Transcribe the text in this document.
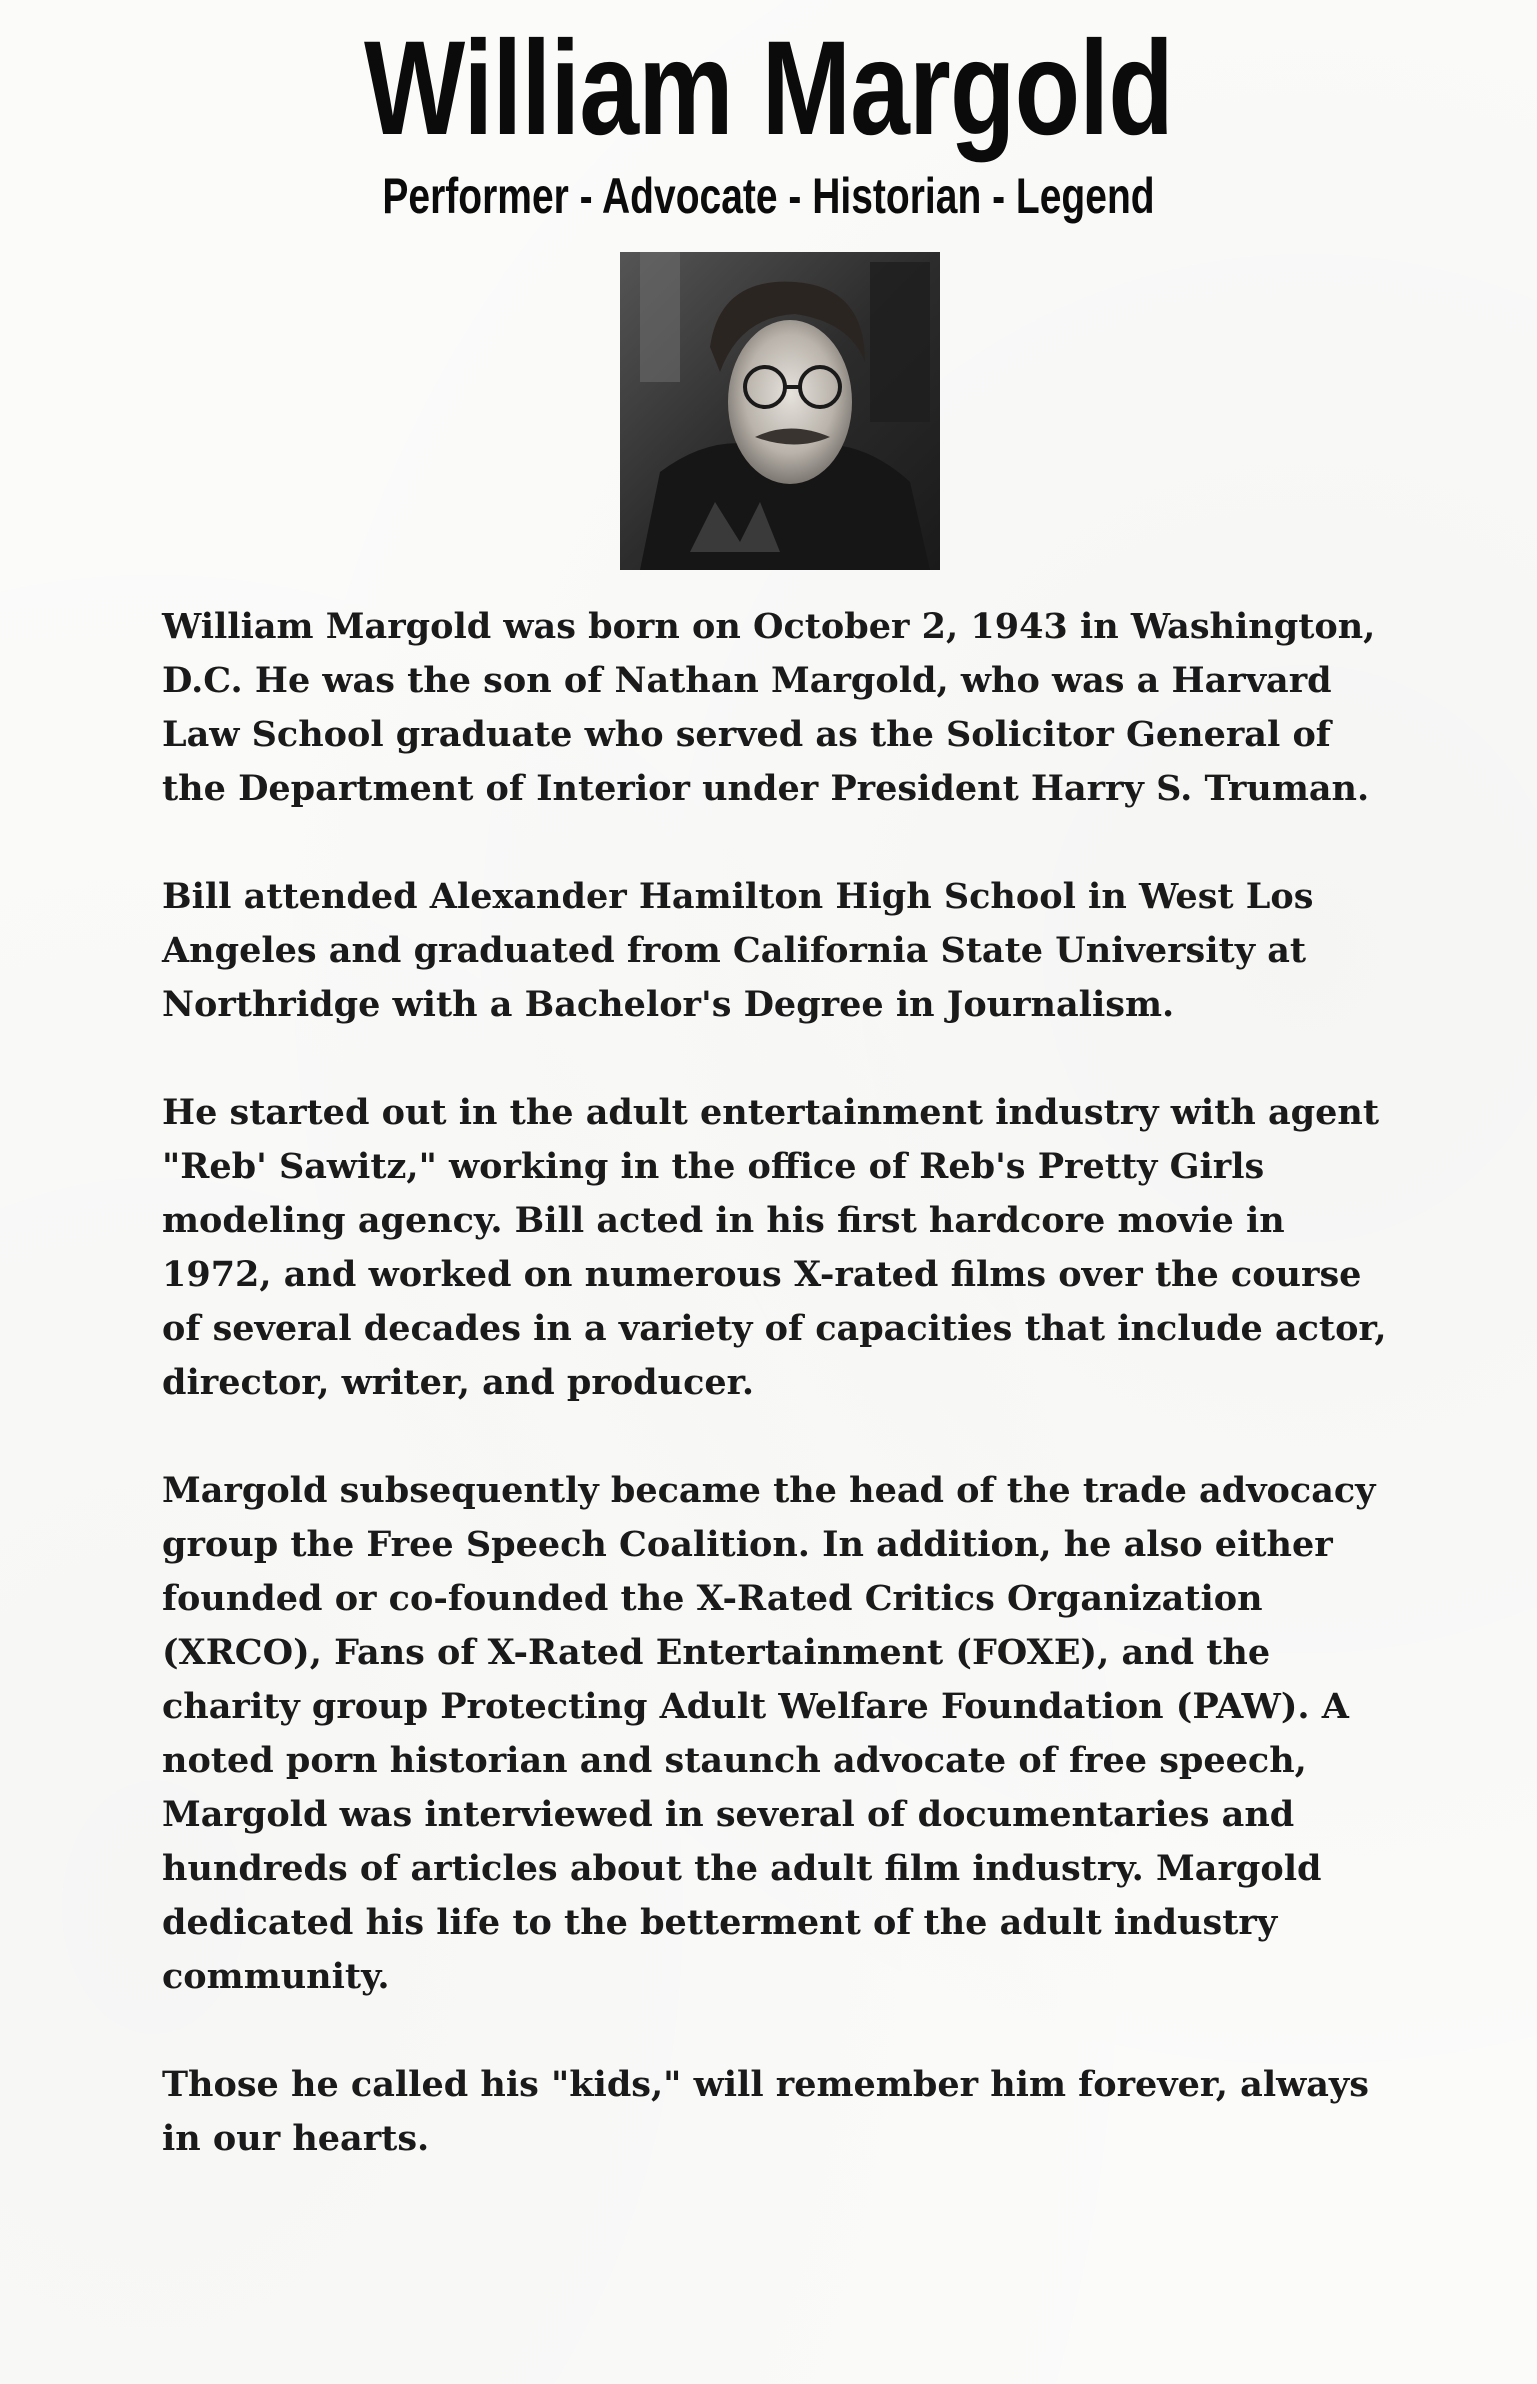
William Margold
Performer - Advocate - Historian - Legend

William Margold was born on October 2, 1943 in Washington, D.C. He was the son of Nathan Margold, who was a Harvard Law School graduate who served as the Solicitor General of the Department of Interior under President Harry S. Truman.

Bill attended Alexander Hamilton High School in West Los Angeles and graduated from California State University at Northridge with a Bachelor's Degree in Journalism.

He started out in the adult entertainment industry with agent "Reb' Sawitz," working in the office of Reb's Pretty Girls modeling agency. Bill acted in his first hardcore movie in 1972, and worked on numerous X-rated films over the course of several decades in a variety of capacities that include actor, director, writer, and producer.

Margold subsequently became the head of the trade advocacy group the Free Speech Coalition. In addition, he also either founded or co-founded the X-Rated Critics Organization (XRCO), Fans of X-Rated Entertainment (FOXE), and the charity group Protecting Adult Welfare Foundation (PAW). A noted porn historian and staunch advocate of free speech, Margold was interviewed in several of documentaries and hundreds of articles about the adult film industry. Margold dedicated his life to the betterment of the adult industry community.

Those he called his "kids," will remember him forever, always in our hearts.
